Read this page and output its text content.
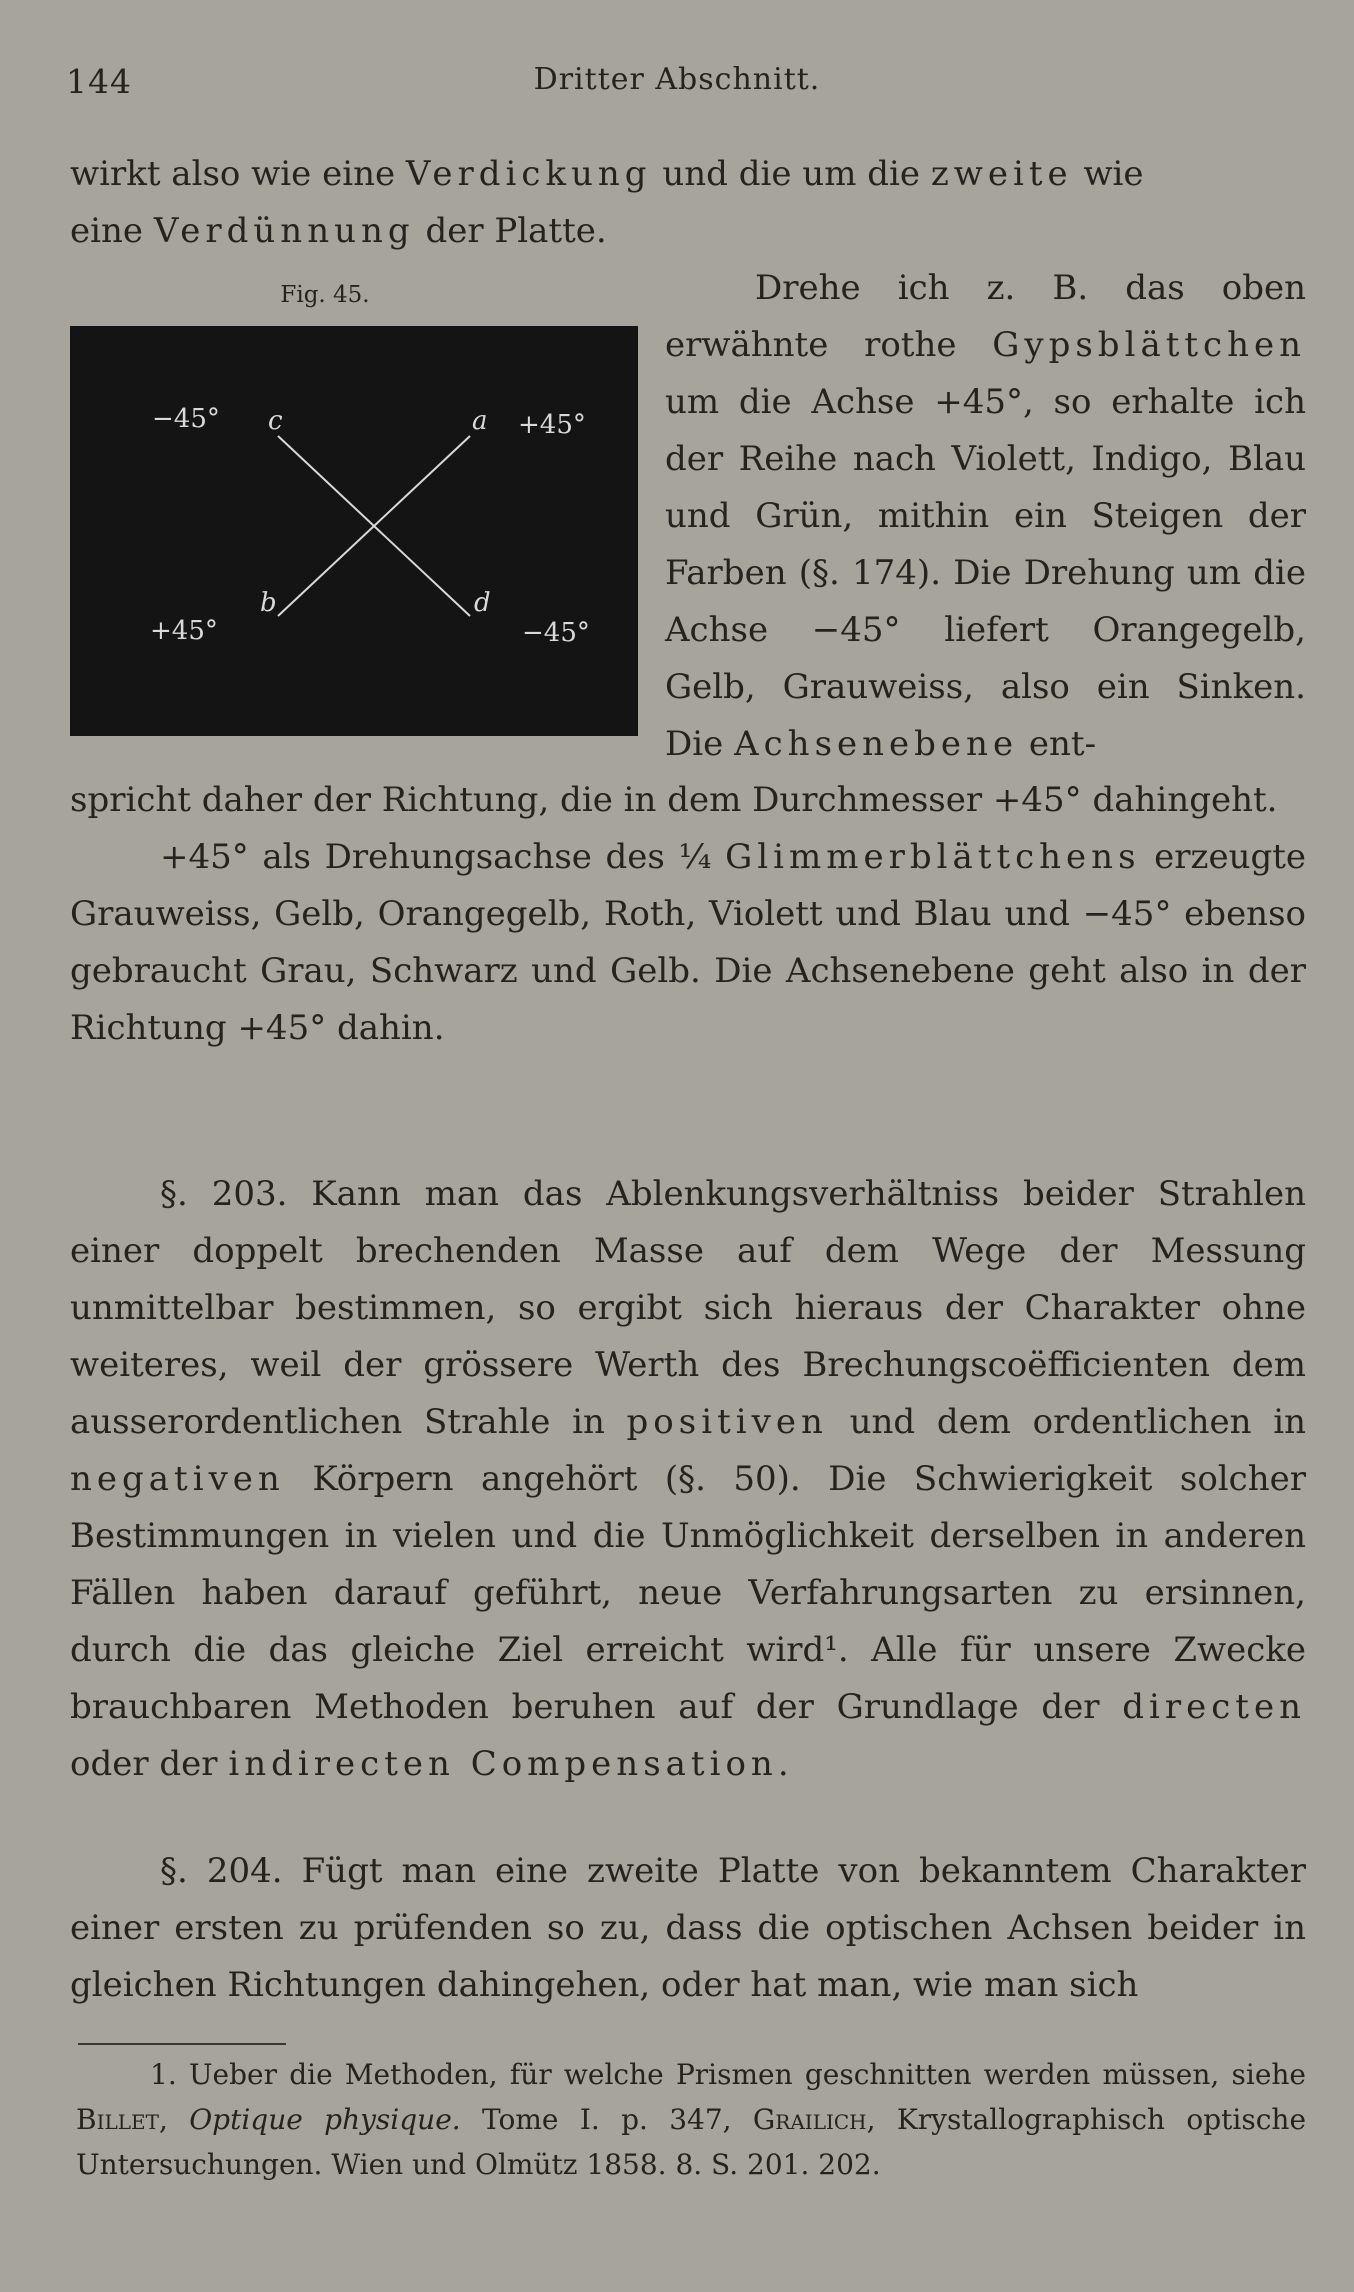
144	Dritter Abschnitt.

wirkt also wie eine Verdickung und die um die zweite wie
eine Verdünnung der Platte.

Fig. 45.
−45° c	a +45°
b	d
+45°	−45°

Drehe ich z. B. das oben erwähnte rothe Gypsblättchen um die Achse +45°, so erhalte ich der Reihe nach Violett, Indigo, Blau und Grün, mithin ein Steigen der Farben (§. 174). Die Drehung um die Achse −45° liefert Orangegelb, Gelb, Grauweiss, also ein Sinken. Die Achsenebene ent-

spricht daher der Richtung, die in dem Durchmesser +45° dahingeht.

+45° als Drehungsachse des ¼ Glimmerblättchens erzeugte Grauweiss, Gelb, Orangegelb, Roth, Violett und Blau und −45° ebenso gebraucht Grau, Schwarz und Gelb. Die Achsenebene geht also in der Richtung +45° dahin.

§. 203. Kann man das Ablenkungsverhältniss beider Strahlen einer doppelt brechenden Masse auf dem Wege der Messung unmittelbar bestimmen, so ergibt sich hieraus der Charakter ohne weiteres, weil der grössere Werth des Brechungscoëfficienten dem ausserordentlichen Strahle in positiven und dem ordentlichen in negativen Körpern angehört (§. 50). Die Schwierigkeit solcher Bestimmungen in vielen und die Unmöglichkeit derselben in anderen Fällen haben darauf geführt, neue Verfahrungsarten zu ersinnen, durch die das gleiche Ziel erreicht wird¹. Alle für unsere Zwecke brauchbaren Methoden beruhen auf der Grundlage der directen oder der indirecten Compensation.

§. 204. Fügt man eine zweite Platte von bekanntem Charakter einer ersten zu prüfenden so zu, dass die optischen Achsen beider in gleichen Richtungen dahingehen, oder hat man, wie man sich

1. Ueber die Methoden, für welche Prismen geschnitten werden müssen, siehe Billet, Optique physique. Tome I. p. 347, Grailich, Krystallographisch optische Untersuchungen. Wien und Olmütz 1858. 8. S. 201. 202.
